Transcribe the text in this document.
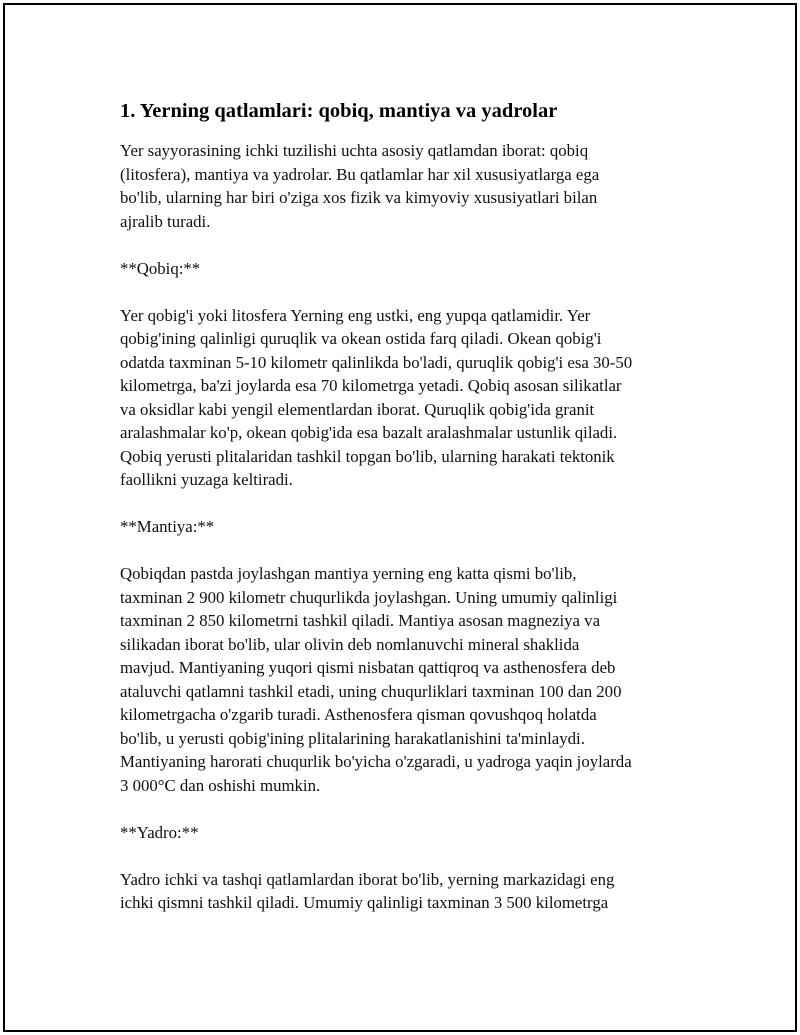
1. Yerning qatlamlari: qobiq, mantiya va yadrolar

Yer sayyorasining ichki tuzilishi uchta asosiy qatlamdan iborat: qobiq
(litosfera), mantiya va yadrolar. Bu qatlamlar har xil xususiyatlarga ega
bo'lib, ularning har biri o'ziga xos fizik va kimyoviy xususiyatlari bilan
ajralib turadi.

**Qobiq:**

Yer qobig'i yoki litosfera Yerning eng ustki, eng yupqa qatlamidir. Yer
qobig'ining qalinligi quruqlik va okean ostida farq qiladi. Okean qobig'i
odatda taxminan 5-10 kilometr qalinlikda bo'ladi, quruqlik qobig'i esa 30-50
kilometrga, ba'zi joylarda esa 70 kilometrga yetadi. Qobiq asosan silikatlar
va oksidlar kabi yengil elementlardan iborat. Quruqlik qobig'ida granit
aralashmalar ko'p, okean qobig'ida esa bazalt aralashmalar ustunlik qiladi.
Qobiq yerusti plitalaridan tashkil topgan bo'lib, ularning harakati tektonik
faollikni yuzaga keltiradi.

**Mantiya:**

Qobiqdan pastda joylashgan mantiya yerning eng katta qismi bo'lib,
taxminan 2 900 kilometr chuqurlikda joylashgan. Uning umumiy qalinligi
taxminan 2 850 kilometrni tashkil qiladi. Mantiya asosan magneziya va
silikadan iborat bo'lib, ular olivin deb nomlanuvchi mineral shaklida
mavjud. Mantiyaning yuqori qismi nisbatan qattiqroq va asthenosfera deb
ataluvchi qatlamni tashkil etadi, uning chuqurliklari taxminan 100 dan 200
kilometrgacha o'zgarib turadi. Asthenosfera qisman qovushqoq holatda
bo'lib, u yerusti qobig'ining plitalarining harakatlanishini ta'minlaydi.
Mantiyaning harorati chuqurlik bo'yicha o'zgaradi, u yadroga yaqin joylarda
3 000°C dan oshishi mumkin.

**Yadro:**

Yadro ichki va tashqi qatlamlardan iborat bo'lib, yerning markazidagi eng
ichki qismni tashkil qiladi. Umumiy qalinligi taxminan 3 500 kilometrga
